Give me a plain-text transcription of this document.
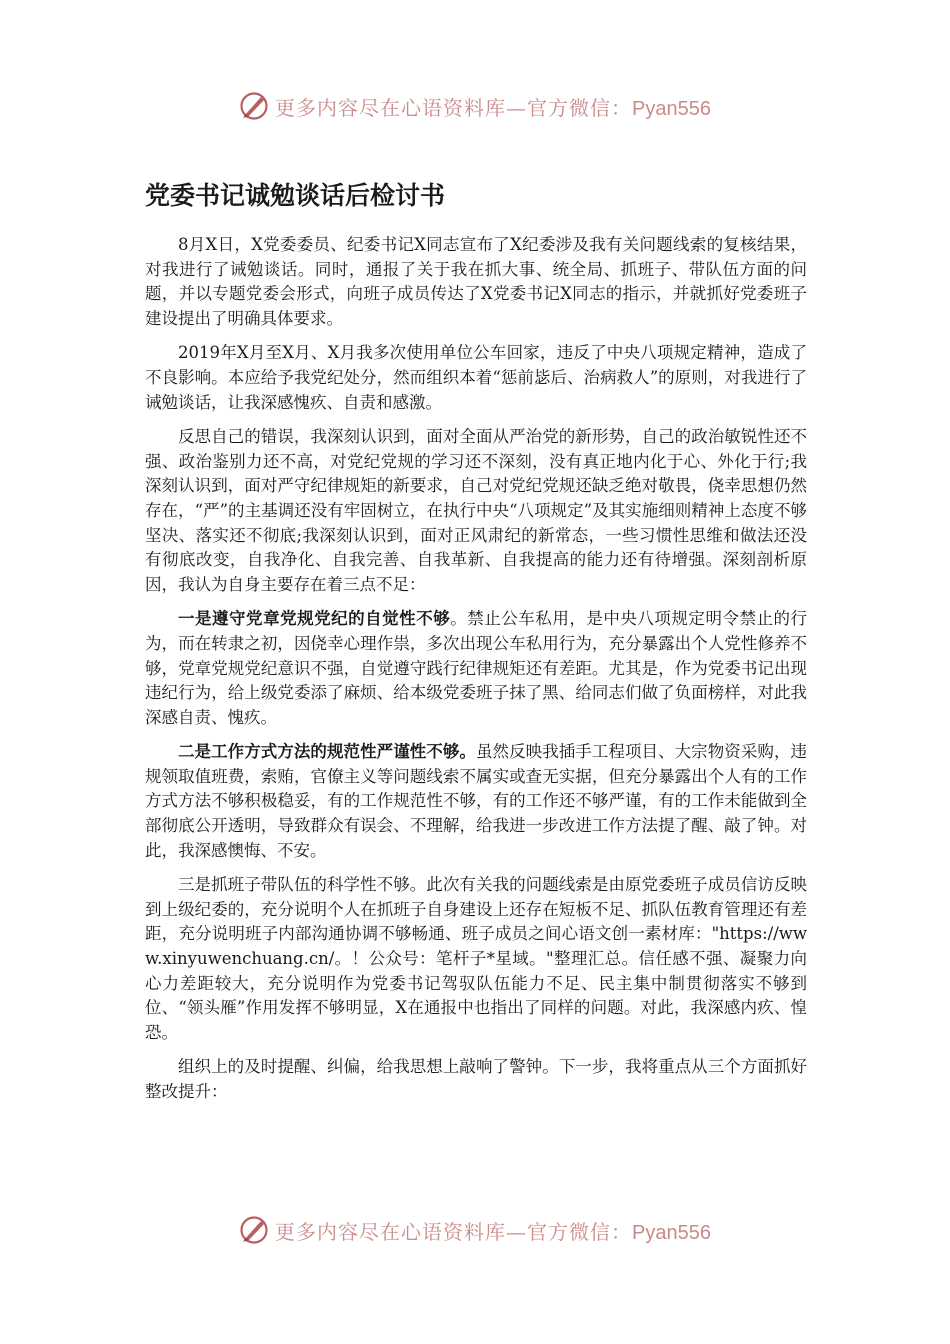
更多内容尽在心语资料库—官方微信：Pyan556
党委书记诚勉谈话后检讨书

8月X日，X党委委员、纪委书记X同志宣布了X纪委涉及我有关问题线索的复核结果，对我进行了诫勉谈话。同时，通报了关于我在抓大事、统全局、抓班子、带队伍方面的问题，并以专题党委会形式，向班子成员传达了X党委书记X同志的指示，并就抓好党委班子建设提出了明确具体要求。

2019年X月至X月、X月我多次使用单位公车回家，违反了中央八项规定精神，造成了不良影响。本应给予我党纪处分，然而组织本着“惩前毖后、治病救人”的原则，对我进行了诫勉谈话，让我深感愧疚、自责和感激。

反思自己的错误，我深刻认识到，面对全面从严治党的新形势，自己的政治敏锐性还不强、政治鉴别力还不高，对党纪党规的学习还不深刻，没有真正地内化于心、外化于行;我深刻认识到，面对严守纪律规矩的新要求，自己对党纪党规还缺乏绝对敬畏，侥幸思想仍然存在，“严”的主基调还没有牢固树立，在执行中央“八项规定”及其实施细则精神上态度不够坚决、落实还不彻底;我深刻认识到，面对正风肃纪的新常态，一些习惯性思维和做法还没有彻底改变，自我净化、自我完善、自我革新、自我提高的能力还有待增强。深刻剖析原因，我认为自身主要存在着三点不足：

一是遵守党章党规党纪的自觉性不够。禁止公车私用，是中央八项规定明令禁止的行为，而在转隶之初，因侥幸心理作祟，多次出现公车私用行为，充分暴露出个人党性修养不够，党章党规党纪意识不强，自觉遵守践行纪律规矩还有差距。尤其是，作为党委书记出现违纪行为，给上级党委添了麻烦、给本级党委班子抹了黑、给同志们做了负面榜样，对此我深感自责、愧疚。

二是工作方式方法的规范性严谨性不够。虽然反映我插手工程项目、大宗物资采购，违规领取值班费，索贿，官僚主义等问题线索不属实或查无实据，但充分暴露出个人有的工作方式方法不够积极稳妥，有的工作规范性不够，有的工作还不够严谨，有的工作未能做到全部彻底公开透明，导致群众有误会、不理解，给我进一步改进工作方法提了醒、敲了钟。对此，我深感懊悔、不安。

三是抓班子带队伍的科学性不够。此次有关我的问题线索是由原党委班子成员信访反映到上级纪委的，充分说明个人在抓班子自身建设上还存在短板不足、抓队伍教育管理还有差距，充分说明班子内部沟通协调不够畅通、班子成员之间心语文创一素材库："https://www.xinyuwenchuang.cn/。！公众号：笔杆子*星域。"整理汇总。信任感不强、凝聚力向心力差距较大，充分说明作为党委书记驾驭队伍能力不足、民主集中制贯彻落实不够到位、“领头雁”作用发挥不够明显，X在通报中也指出了同样的问题。对此，我深感内疚、惶恐。

组织上的及时提醒、纠偏，给我思想上敲响了警钟。下一步，我将重点从三个方面抓好整改提升：

更多内容尽在心语资料库—官方微信：Pyan556
